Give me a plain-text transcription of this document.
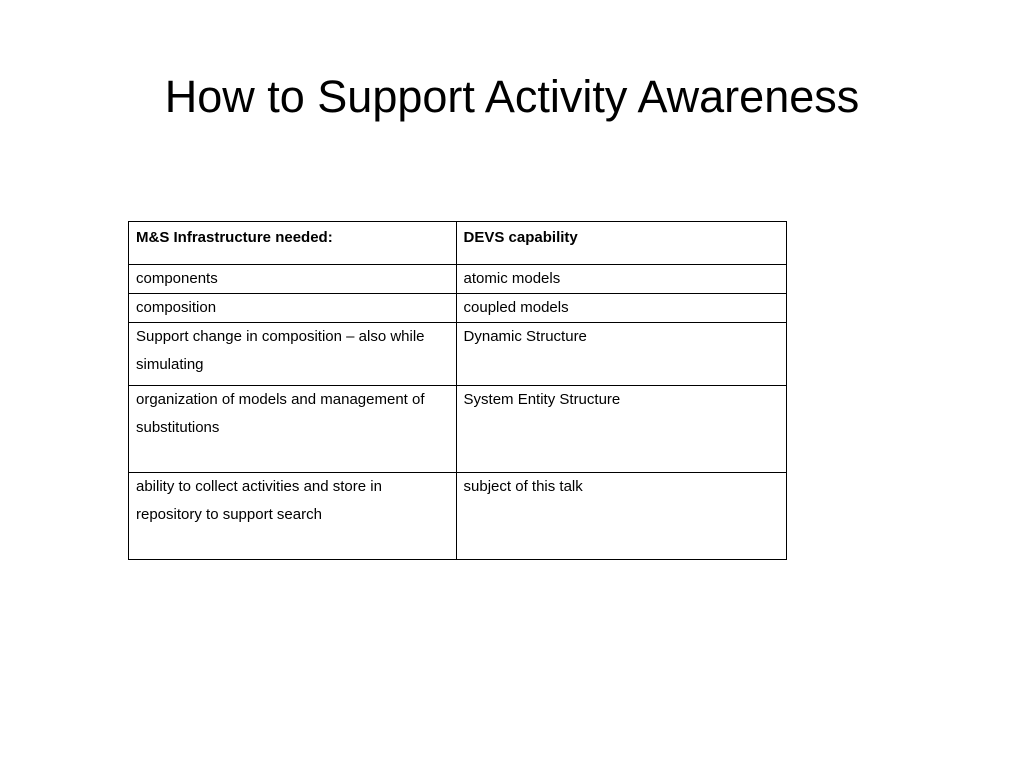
How to Support Activity Awareness
M&S Infrastructure needed:	DEVS capability
components	atomic models
composition	coupled models
Support change in composition – also while simulating	Dynamic Structure
organization of models and management of substitutions	System Entity Structure
ability to collect activities and store in repository to support search	subject of this talk
